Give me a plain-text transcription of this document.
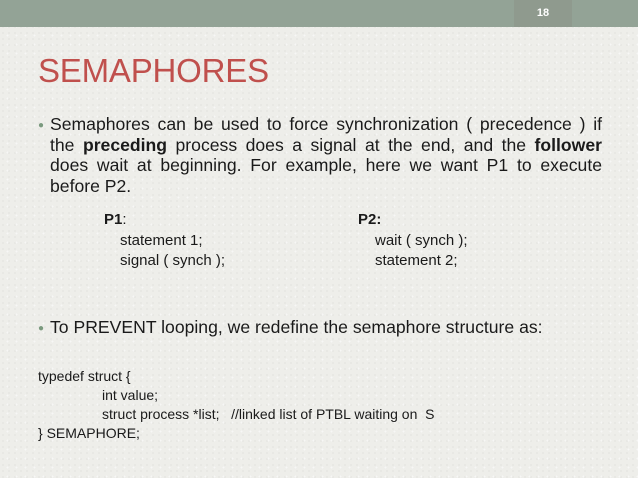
18
SEMAPHORES
● Semaphores can be used to force synchronization ( precedence ) if the preceding process does a signal at the end, and the follower does wait at beginning. For example, here we want P1 to execute before P2.
P1:
statement 1;
signal ( synch );
P2:
wait ( synch );
statement 2;
● To PREVENT looping, we redefine the semaphore structure as:
typedef struct {
int value;
struct process *list;   //linked list of PTBL waiting on  S
} SEMAPHORE;
